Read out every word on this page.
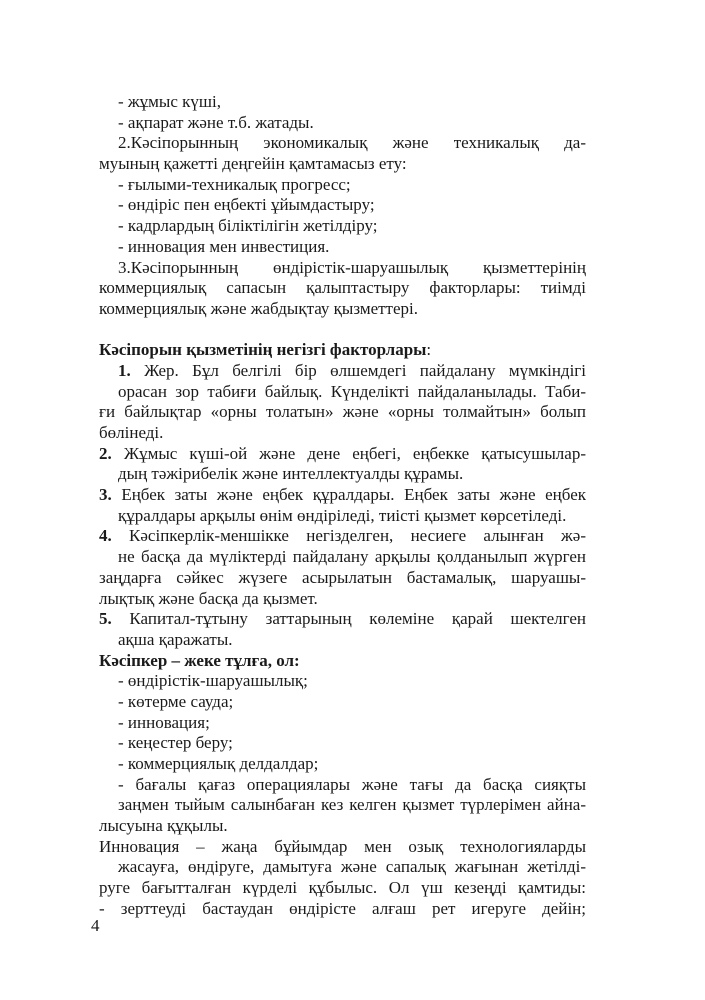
- жұмыс күші,
- ақпарат және т.б. жатады.
2.Кәсіпорынның экономикалық және техникалық да-
муының қажетті деңгейін қамтамасыз ету:
- ғылыми-техникалық прогресс;
- өндіріс пен еңбекті ұйымдастыру;
- кадрлардың біліктілігін жетілдіру;
- инновация мен инвестиция.
3.Кәсіпорынның өндірістік-шаруашылық қызметтерінің
коммерциялық сапасын қалыптастыру факторлары: тиімді
коммерциялық және жабдықтау қызметтері.
Кәсіпорын қызметінің негізгі факторлары:
1. Жер. Бұл белгілі бір өлшемдегі пайдалану мүмкіндігі
орасан зор табиғи байлық. Күнделікті пайдаланылады. Таби-
ғи байлықтар «орны толатын» және «орны толмайтын» болып
бөлінеді.
2. Жұмыс күші-ой және дене еңбегі, еңбекке қатысушылар-
дың тәжірибелік және интеллектуалды құрамы.
3. Еңбек заты және еңбек құралдары. Еңбек заты және еңбек
құралдары арқылы өнім өндіріледі, тиісті қызмет көрсетіледі.
4. Кәсіпкерлік-меншікке негізделген, несиеге алынған жә-
не басқа да мүліктерді пайдалану арқылы қолданылып жүрген
заңдарға сәйкес жүзеге асырылатын бастамалық, шаруашы-
лықтық және басқа да қызмет.
5. Капитал-тұтыну заттарының көлеміне қарай шектелген
ақша қаражаты.
Кәсіпкер – жеке тұлға, ол:
- өндірістік-шаруашылық;
- көтерме сауда;
- инновация;
- кеңестер беру;
- коммерциялық делдалдар;
- бағалы қағаз операциялары және тағы да басқа сияқты
заңмен тыйым салынбаған кез келген қызмет түрлерімен айна-
лысуына құқылы.
Инновация – жаңа бұйымдар мен озық технологияларды
жасауға, өндіруге, дамытуға және сапалық жағынан жетілді-
руге бағытталған күрделі құбылыс. Ол үш кезеңді қамтиды:
- зерттеуді бастаудан өндірісте алғаш рет игеруге дейін;
4
